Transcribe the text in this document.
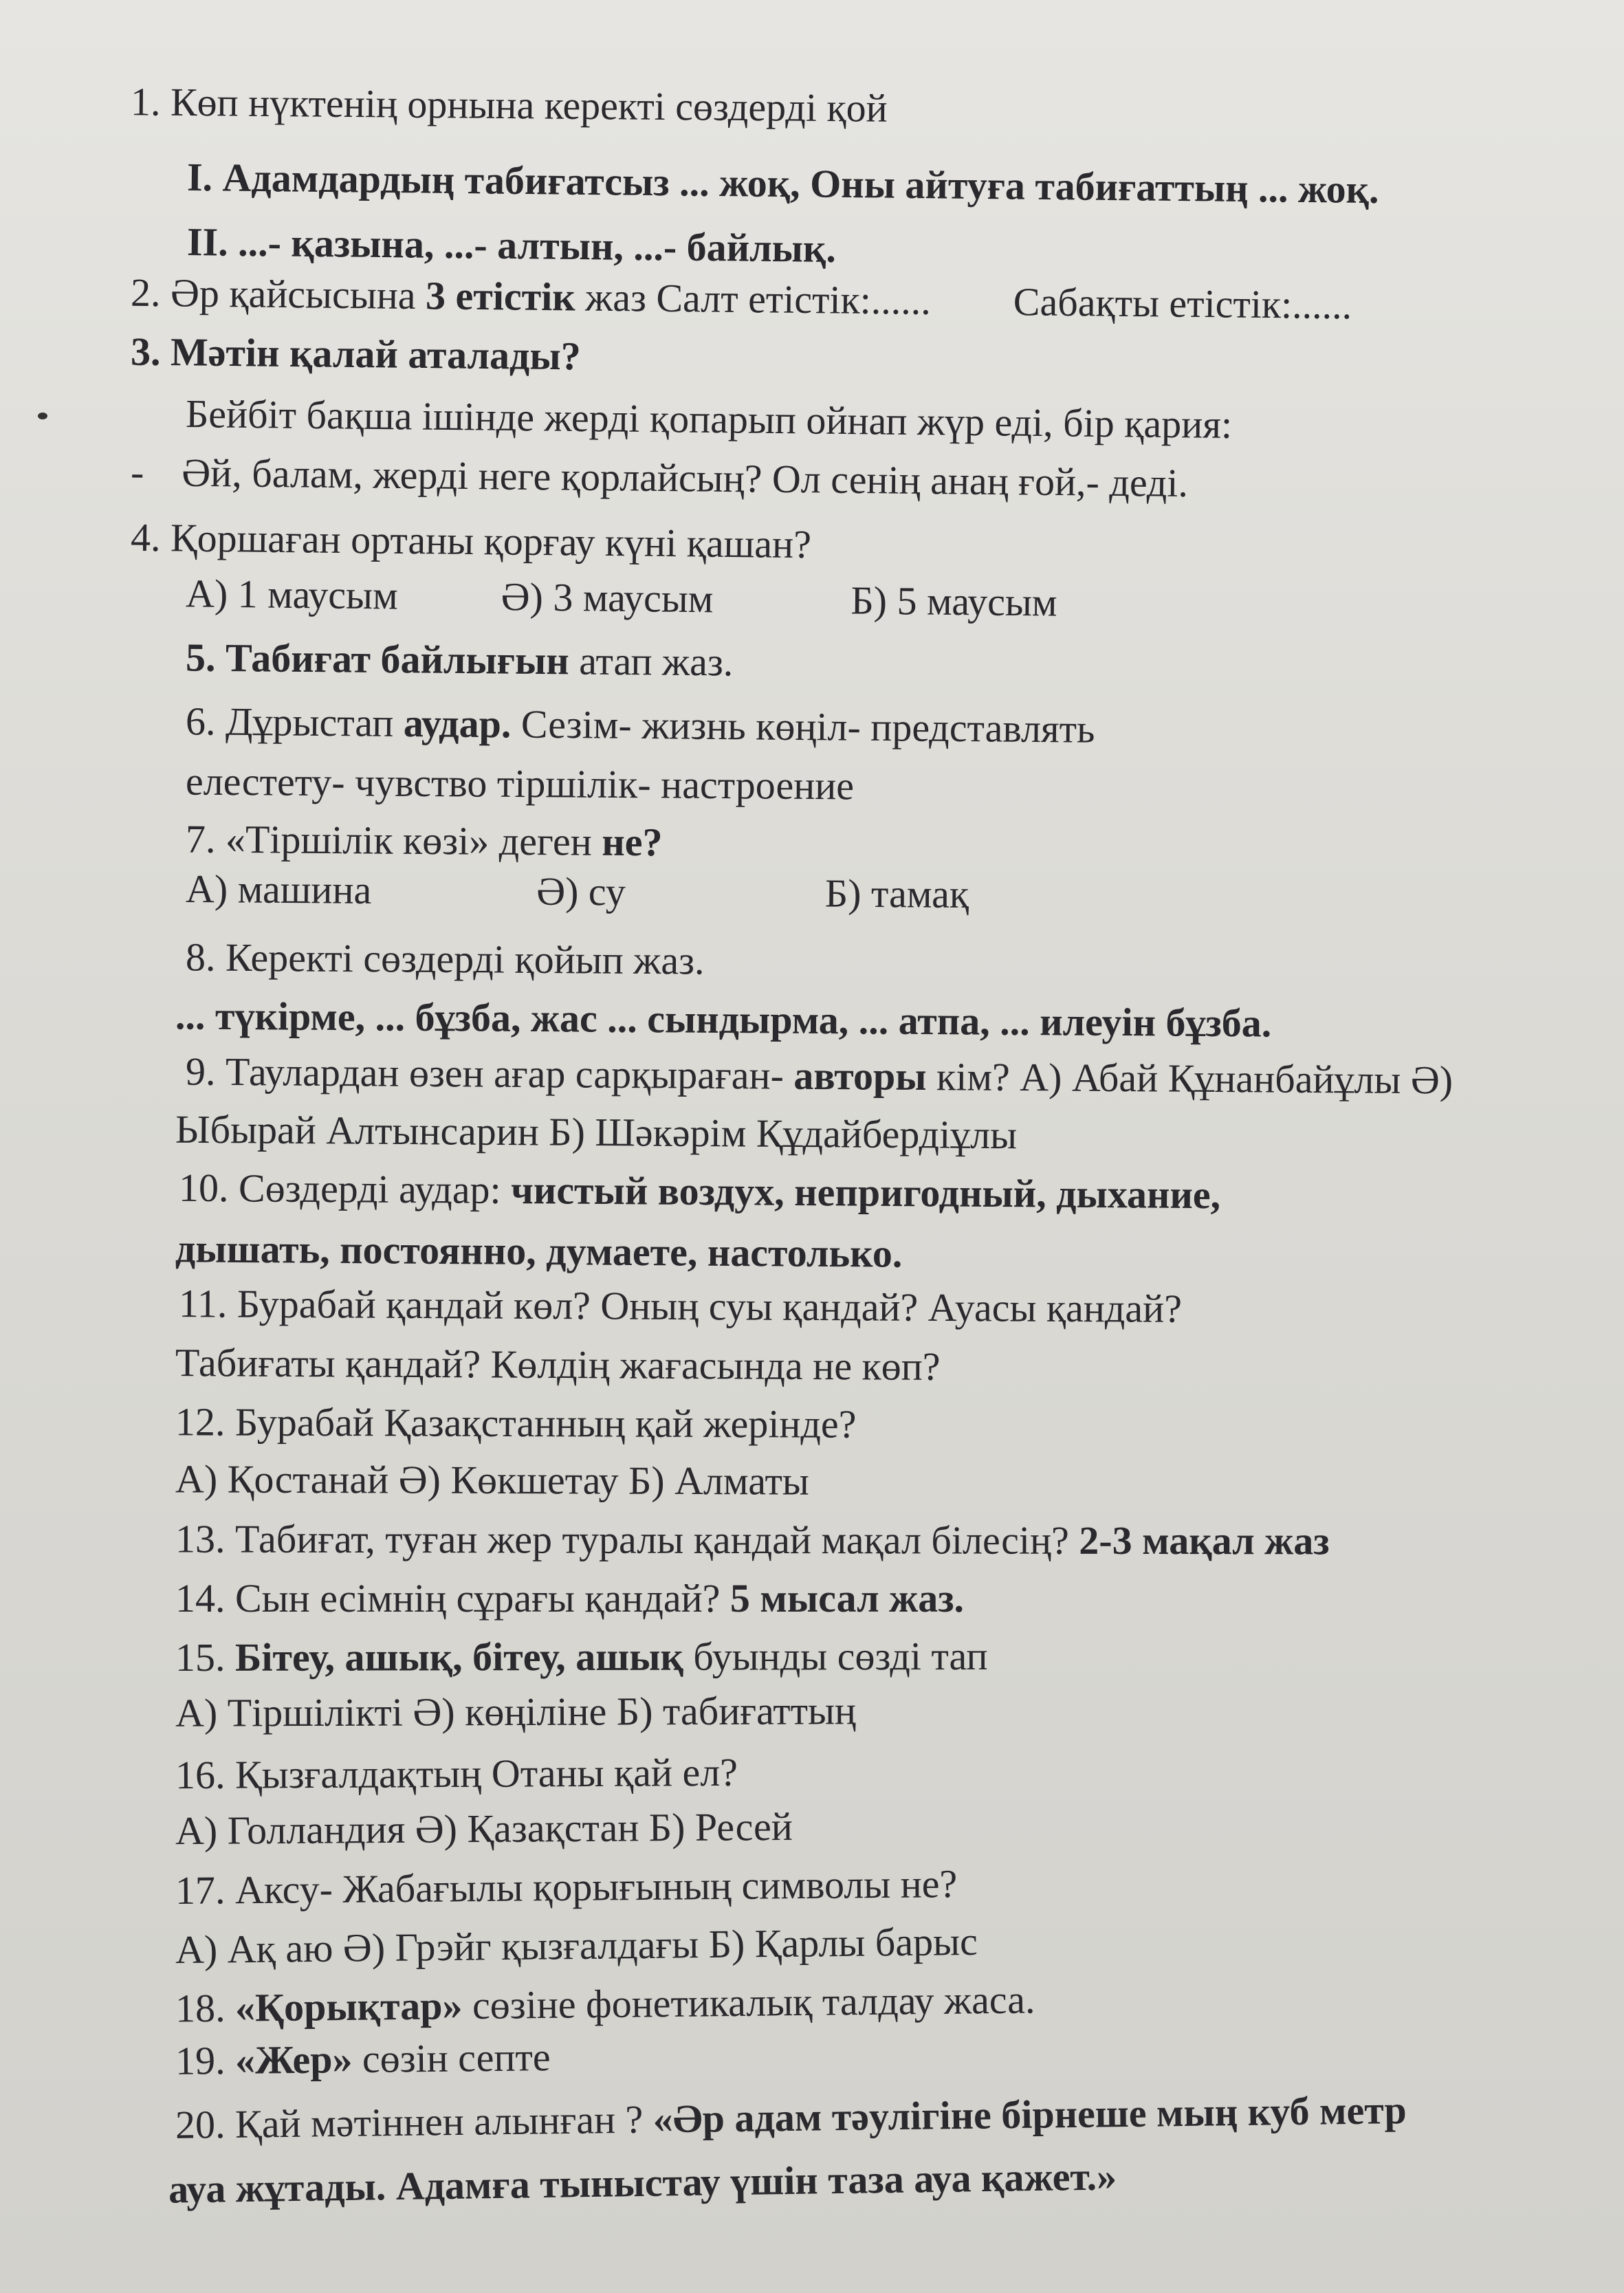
1. Көп нүктенің орнына керекті сөздерді қой
I. Адамдардың табиғатсыз ... жоқ, Оны айтуға табиғаттың ... жоқ.
II. ...- қазына, ...- алтын, ...- байлық.
2. Әр қайсысына 3 етістік жаз Салт етістік:...... Сабақты етістік:......
3. Мәтін қалай аталады?
Бейбіт бақша ішінде жерді қопарып ойнап жүр еді, бір қария:
- Әй, балам, жерді неге қорлайсың? Ол сенің анаң ғой,- деді.
4. Қоршаған ортаны қорғау күні қашан?
А) 1 маусым	Ә) 3 маусым	Б) 5 маусым
5. Табиғат байлығын атап жаз.
6. Дұрыстап аудар. Сезім- жизнь көңіл- представлять
елестету- чувство тіршілік- настроение
7. «Тіршілік көзі» деген не?
А) машина	Ә) су	Б) тамақ
8. Керекті сөздерді қойып жаз.
... түкірме, ... бұзба, жас ... сындырма, ... атпа, ... илеуін бұзба.
9. Таулардан өзен ағар сарқыраған- авторы кім? А) Абай Құнанбайұлы Ә)
Ыбырай Алтынсарин Б) Шәкәрім Құдайбердіұлы
10. Сөздерді аудар: чистый воздух, непригодный, дыхание,
дышать, постоянно, думаете, настолько.
11. Бурабай қандай көл? Оның суы қандай? Ауасы қандай?
Табиғаты қандай? Көлдің жағасында не көп?
12. Бурабай Қазақстанның қай жерінде?
А) Қостанай Ә) Көкшетау Б) Алматы
13. Табиғат, туған жер туралы қандай мақал білесің? 2-3 мақал жаз
14. Сын есімнің сұрағы қандай? 5 мысал жаз.
15. Бітеу, ашық, бітеу, ашық буынды сөзді тап
А) Тіршілікті Ә) көңіліне Б) табиғаттың
16. Қызғалдақтың Отаны қай ел?
А) Голландия Ә) Қазақстан Б) Ресей
17. Аксу- Жабағылы қорығының символы не?
А) Ақ аю Ә) Грэйг қызғалдағы Б) Қарлы барыс
18. «Қорықтар» сөзіне фонетикалық талдау жаса.
19. «Жер» сөзін септе
20. Қай мәтіннен алынған ? «Әр адам тәулігіне бірнеше мың куб метр
ауа жұтады. Адамға тыныстау үшін таза ауа қажет.»
